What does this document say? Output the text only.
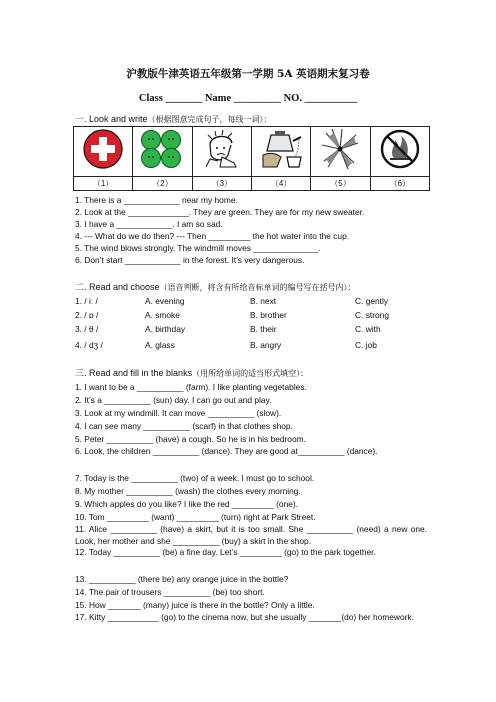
沪教版牛津英语五年级第一学期 5A 英语期末复习卷
Class _______ Name _________ NO. __________
一. Look and write（根据图意完成句子，每线一词）：

（1）	（2）	（3）	（4）	（5）	（6）
1. There is a ____________ near my home.
2. Look at the _____________. They are green. They are for my new sweater.
3. I have a ____________. I am so sad.
4. --- What do we do then? --- Then _________ the hot water into the cup.
5. The wind blows strongly. The windmill moves ______________.
6. Don’t start ____________ in the forest. It’s very dangerous.
二. Read and choose（语音判断，将含有所给音标单词的编号写在括号内）：
1. / iː /	A. evening	B. next	C. gently
2. / ɒ /	A. smoke	B. brother	C. strong
3. / θ /	A. birthday	B. their	C. with
4. / dʒ /	A. glass	B. angry	C. job
三. Read and fill in the blanks（用所给单词的适当形式填空）：
1. I want to be a __________ (farm). I like planting vegetables.
2. It’s a __________ (sun) day. I can go out and play.
3. Look at my windmill. It can move __________ (slow).
4. I can see many __________ (scarf) in that clothes shop.
5. Peter __________ (have) a cough. So he is in his bedroom.
6. Look, the children __________ (dance). They are good at__________ (dance).
7. Today is the __________ (two) of a week. I must go to school.
8. My mother __________ (wash) the clothes every morning.
9. Which apples do you like? I like the red _________ (one).
10. Tom _________ (want) _________ (turn) right at Park Street.
11. Alice __________ (have) a skirt, but it is too small. She __________ (need) a new one. Look, her mother and she __________ (buy) a skirt in the shop.
12. Today __________ (be) a fine day. Let’s _________ (go) to the park together.
13. __________ (there be) any orange juice in the bottle?
14. The pair of trousers __________ (be) too short.
15. How _______ (many) juice is there in the bottle? Only a little.
17. Kitty ___________ (go) to the cinema now, but she usually _______(do) her homework.
